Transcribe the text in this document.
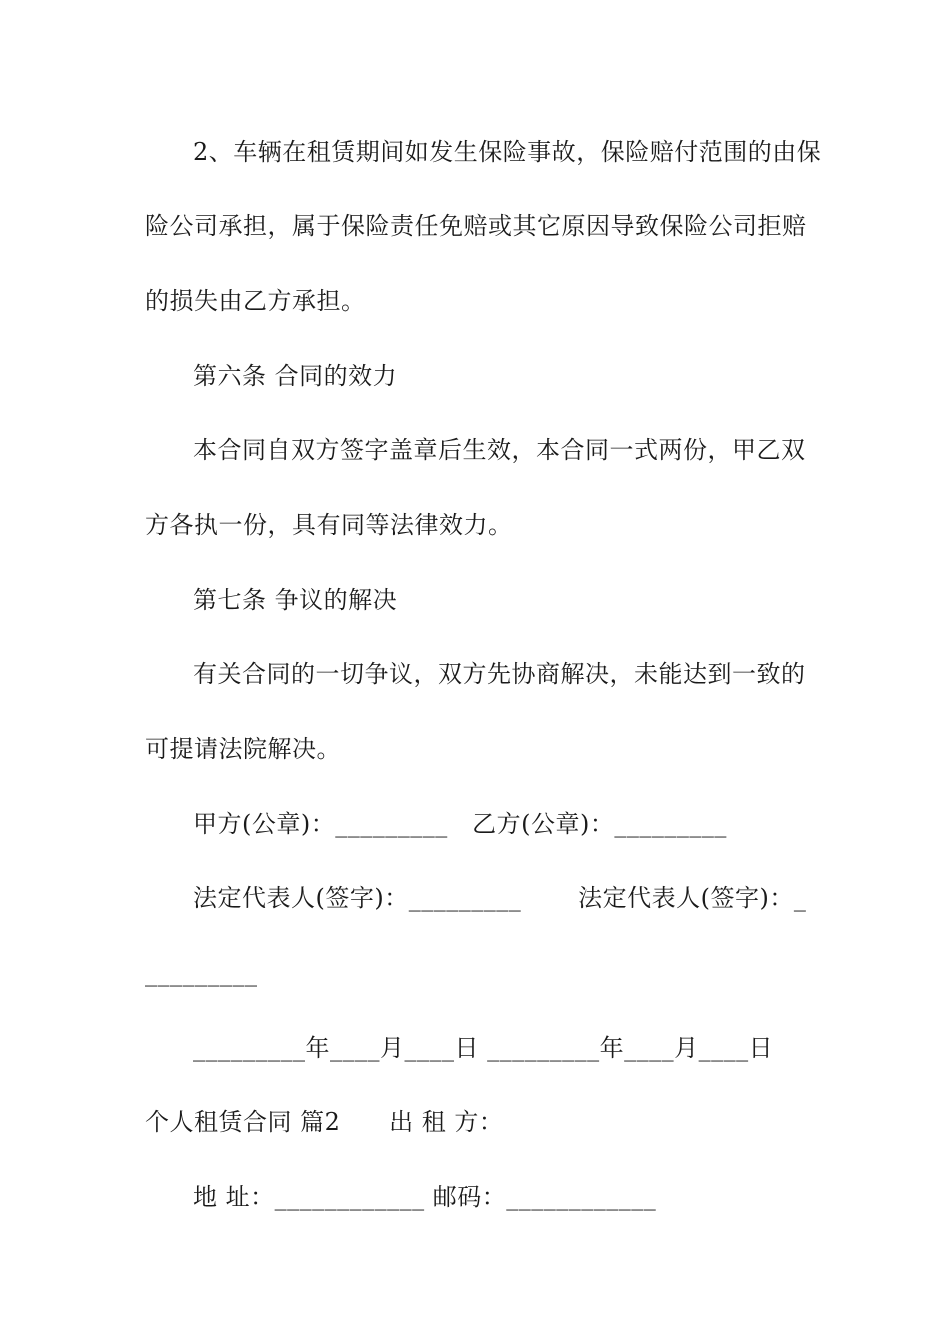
2、车辆在租赁期间如发生保险事故，保险赔付范围的由保
险公司承担，属于保险责任免赔或其它原因导致保险公司拒赔
的损失由乙方承担。
第六条 合同的效力
本合同自双方签字盖章后生效，本合同一式两份，甲乙双
方各执一份，具有同等法律效力。
第七条 争议的解决
有关合同的一切争议，双方先协商解决，未能达到一致的
可提请法院解决。
甲方(公章)：_________   乙方(公章)：_________
法定代表人(签字)：_________       法定代表人(签字)：_
_________
_________年____月____日 _________年____月____日
个人租赁合同 篇2      出 租 方：
地 址：____________ 邮码：____________
